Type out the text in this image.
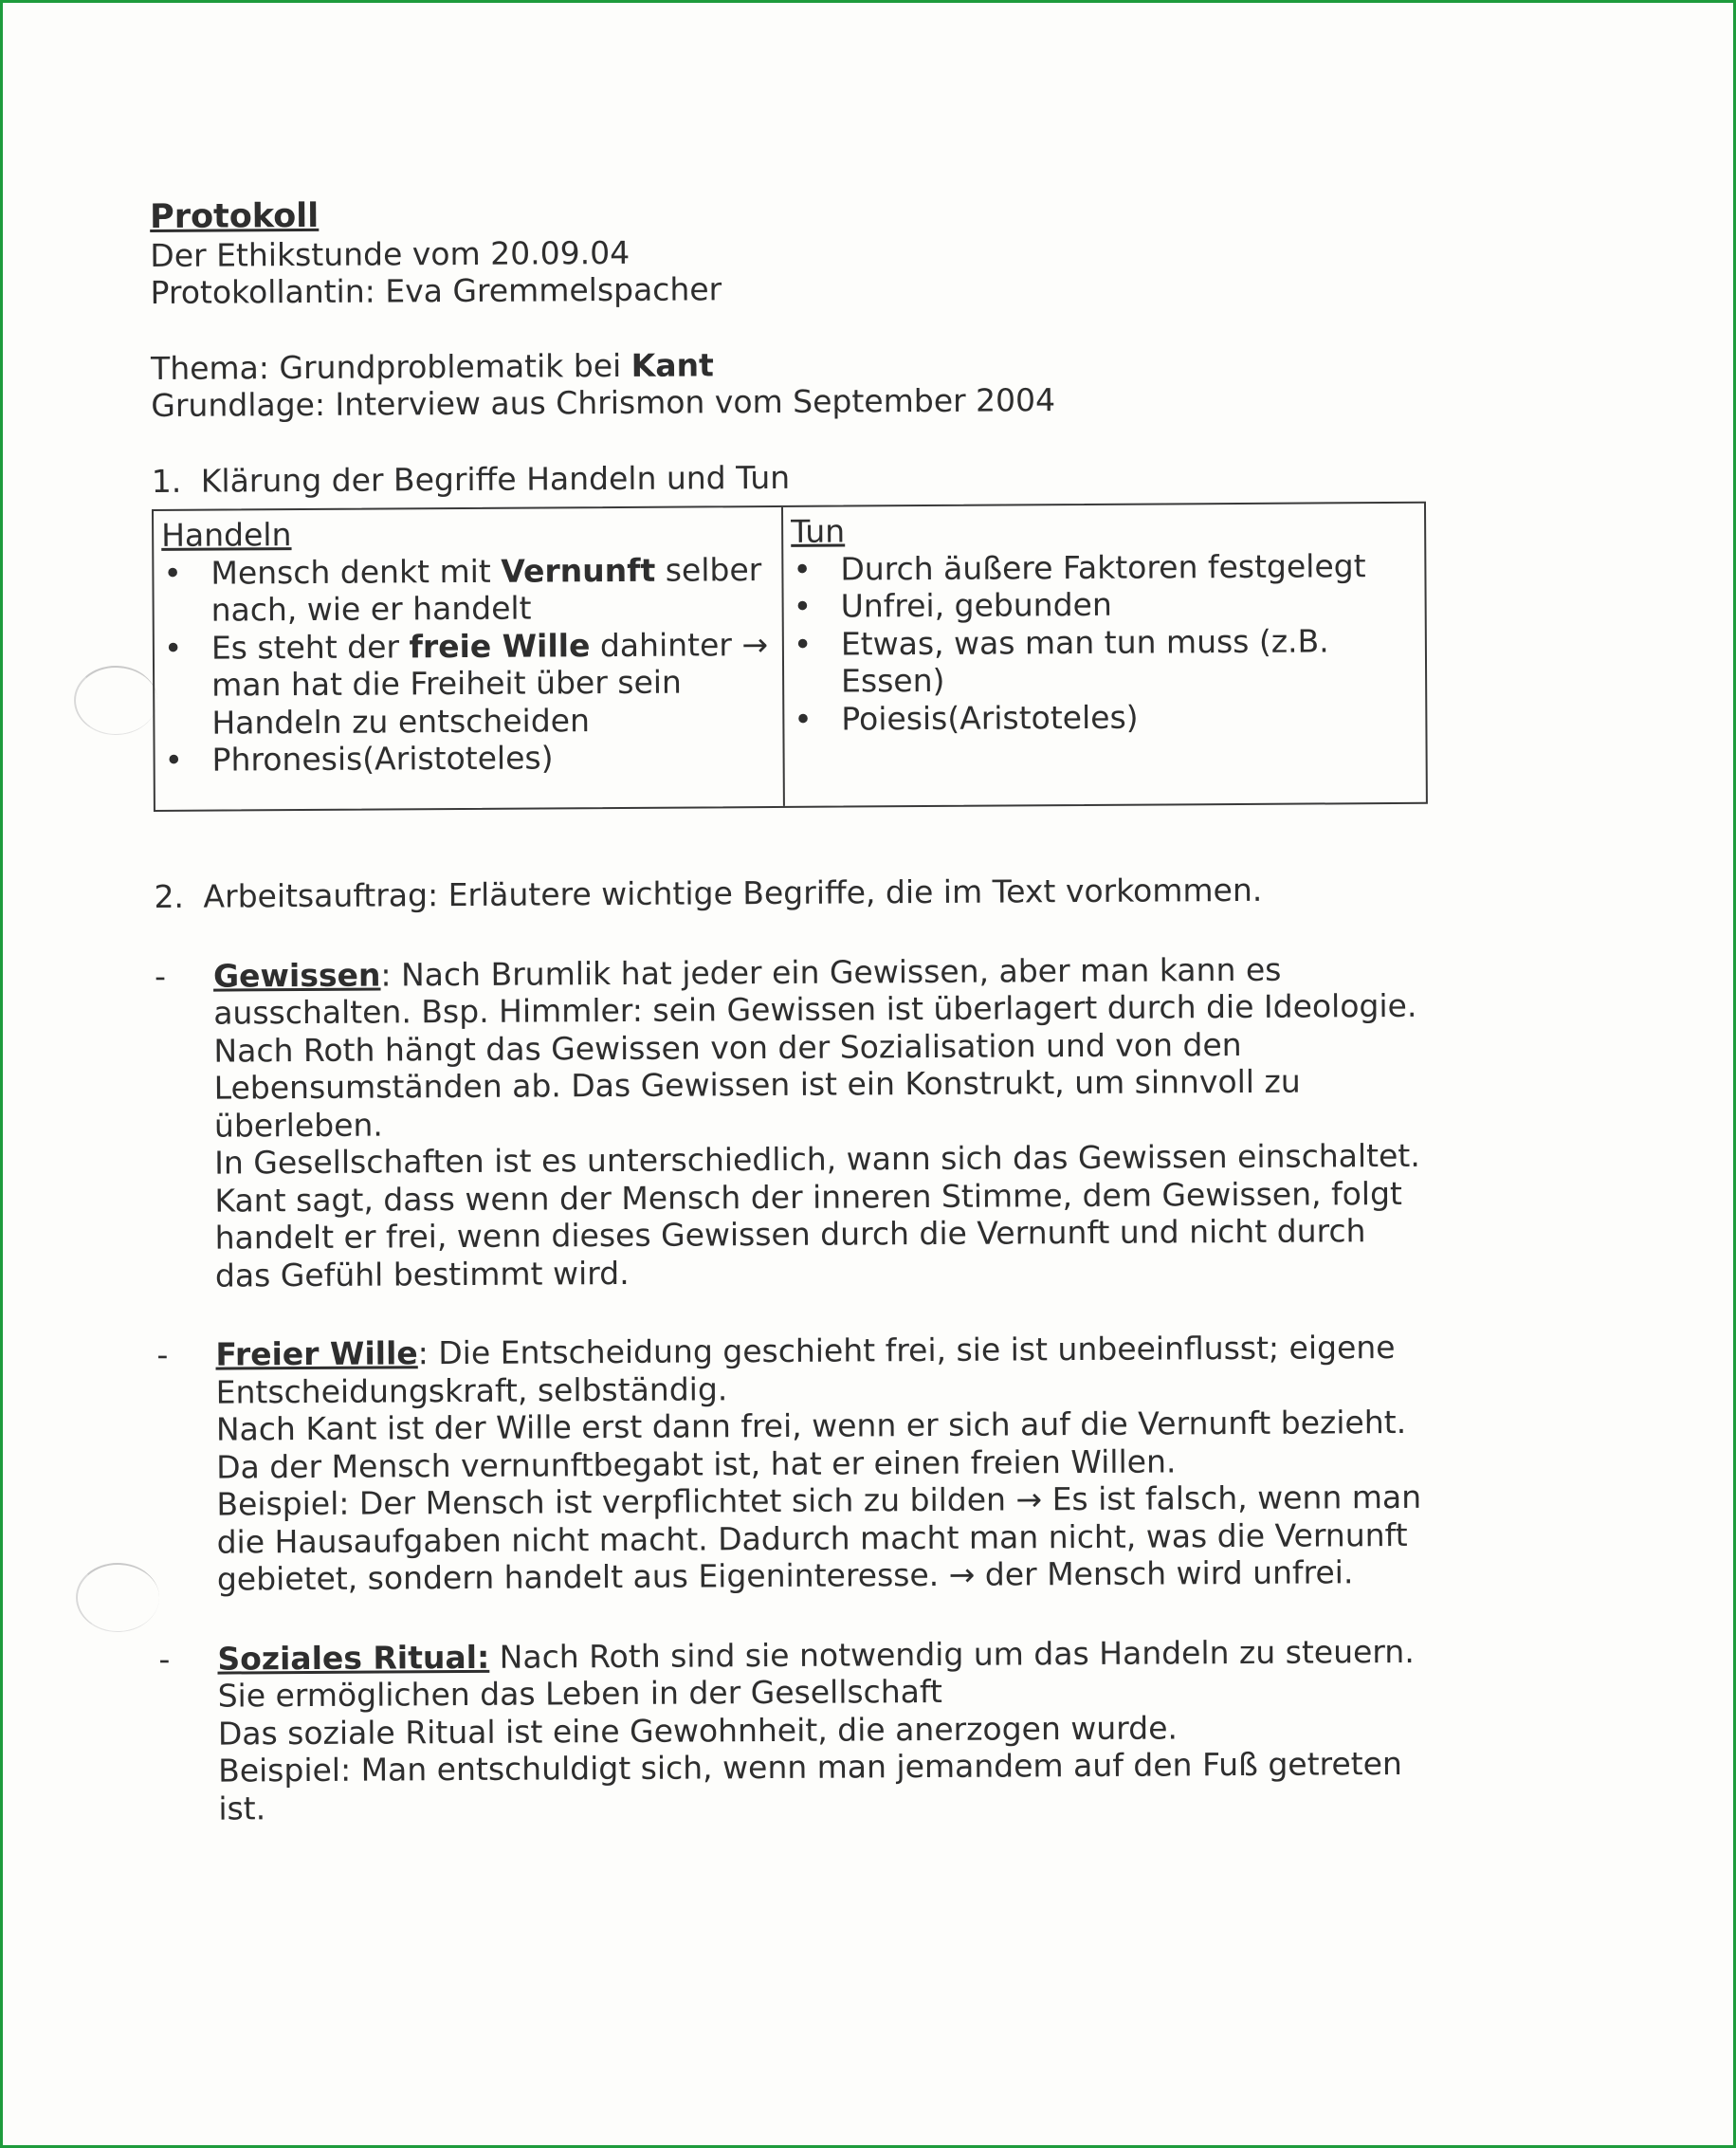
Protokoll

Der Ethikstunde vom 20.09.04

Protokollantin: Eva Gremmelspacher

Thema: Grundproblematik bei Kant

Grundlage: Interview aus Chrismon vom September 2004

1. Klärung der Begriffe Handeln und Tun

Handeln

• Mensch denkt mit Vernunft selber nach, wie er handelt
• Es steht der freie Wille dahinter → man hat die Freiheit über sein Handeln zu entscheiden
• Phronesis(Aristoteles)

Tun

• Durch äußere Faktoren festgelegt
• Unfrei, gebunden
• Etwas, was man tun muss (z.B. Essen)
• Poiesis(Aristoteles)

2. Arbeitsauftrag: Erläutere wichtige Begriffe, die im Text vorkommen.

- Gewissen: Nach Brumlik hat jeder ein Gewissen, aber man kann es ausschalten. Bsp. Himmler: sein Gewissen ist überlagert durch die Ideologie. Nach Roth hängt das Gewissen von der Sozialisation und von den Lebensumständen ab. Das Gewissen ist ein Konstrukt, um sinnvoll zu überleben.

In Gesellschaften ist es unterschiedlich, wann sich das Gewissen einschaltet. Kant sagt, dass wenn der Mensch der inneren Stimme, dem Gewissen, folgt handelt er frei, wenn dieses Gewissen durch die Vernunft und nicht durch das Gefühl bestimmt wird.

- Freier Wille: Die Entscheidung geschieht frei, sie ist unbeeinflusst; eigene Entscheidungskraft, selbständig.

Nach Kant ist der Wille erst dann frei, wenn er sich auf die Vernunft bezieht.

Da der Mensch vernunftbegabt ist, hat er einen freien Willen.

Beispiel: Der Mensch ist verpflichtet sich zu bilden → Es ist falsch, wenn man die Hausaufgaben nicht macht. Dadurch macht man nicht, was die Vernunft gebietet, sondern handelt aus Eigeninteresse. → der Mensch wird unfrei.

- Soziales Ritual: Nach Roth sind sie notwendig um das Handeln zu steuern.

Sie ermöglichen das Leben in der Gesellschaft

Das soziale Ritual ist eine Gewohnheit, die anerzogen wurde.

Beispiel: Man entschuldigt sich, wenn man jemandem auf den Fuß getreten ist.
